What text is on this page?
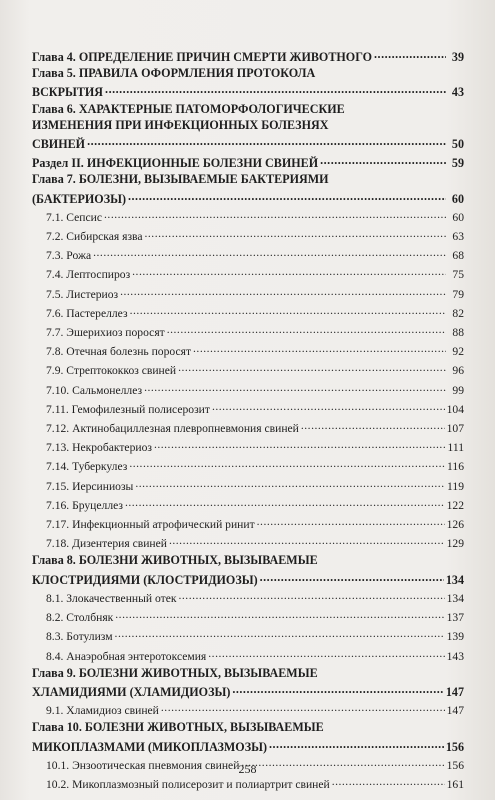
Глава 4. ОПРЕДЕЛЕНИЕ ПРИЧИН СМЕРТИ ЖИВОТНОГО .....	39
Глава 5. ПРАВИЛА ОФОРМЛЕНИЯ ПРОТОКОЛА
ВСКРЫТИЯ .....	43
Глава 6. ХАРАКТЕРНЫЕ ПАТОМОРФОЛОГИЧЕСКИЕ
ИЗМЕНЕНИЯ ПРИ ИНФЕКЦИОННЫХ БОЛЕЗНЯХ
СВИНЕЙ .....	50
Раздел II. ИНФЕКЦИОННЫЕ БОЛЕЗНИ СВИНЕЙ .....	59
Глава 7. БОЛЕЗНИ, ВЫЗЫВАЕМЫЕ БАКТЕРИЯМИ
(БАКТЕРИОЗЫ) .....	60
7.1. Сепсис .....	60
7.2. Сибирская язва .....	63
7.3. Рожа .....	68
7.4. Лептоспироз .....	75
7.5. Листериоз .....	79
7.6. Пастереллез .....	82
7.7. Эшерихиоз поросят .....	88
7.8. Отечная болезнь поросят .....	92
7.9. Стрептококкоз свиней .....	96
7.10. Сальмонеллез .....	99
7.11. Гемофилезный полисерозит .....	104
7.12. Актинобациллезная плевропневмония свиней .....	107
7.13. Некробактериоз .....	111
7.14. Туберкулез .....	116
7.15. Иерсиниозы .....	119
7.16. Бруцеллез .....	122
7.17. Инфекционный атрофический ринит .....	126
7.18. Дизентерия свиней .....	129
Глава 8. БОЛЕЗНИ ЖИВОТНЫХ, ВЫЗЫВАЕМЫЕ
КЛОСТРИДИЯМИ (КЛОСТРИДИОЗЫ) .....	134
8.1. Злокачественный отек .....	134
8.2. Столбняк .....	137
8.3. Ботулизм .....	139
8.4. Анаэробная энтеротоксемия .....	143
Глава 9. БОЛЕЗНИ ЖИВОТНЫХ, ВЫЗЫВАЕМЫЕ
ХЛАМИДИЯМИ (ХЛАМИДИОЗЫ) .....	147
9.1. Хламидиоз свиней .....	147
Глава 10. БОЛЕЗНИ ЖИВОТНЫХ, ВЫЗЫВАЕМЫЕ
МИКОПЛАЗМАМИ (МИКОПЛАЗМОЗЫ) .....	156
10.1. Энзоотическая пневмония свиней .....	156
10.2. Микоплазмозный полисерозит и полиартрит свиней .....	161
258
